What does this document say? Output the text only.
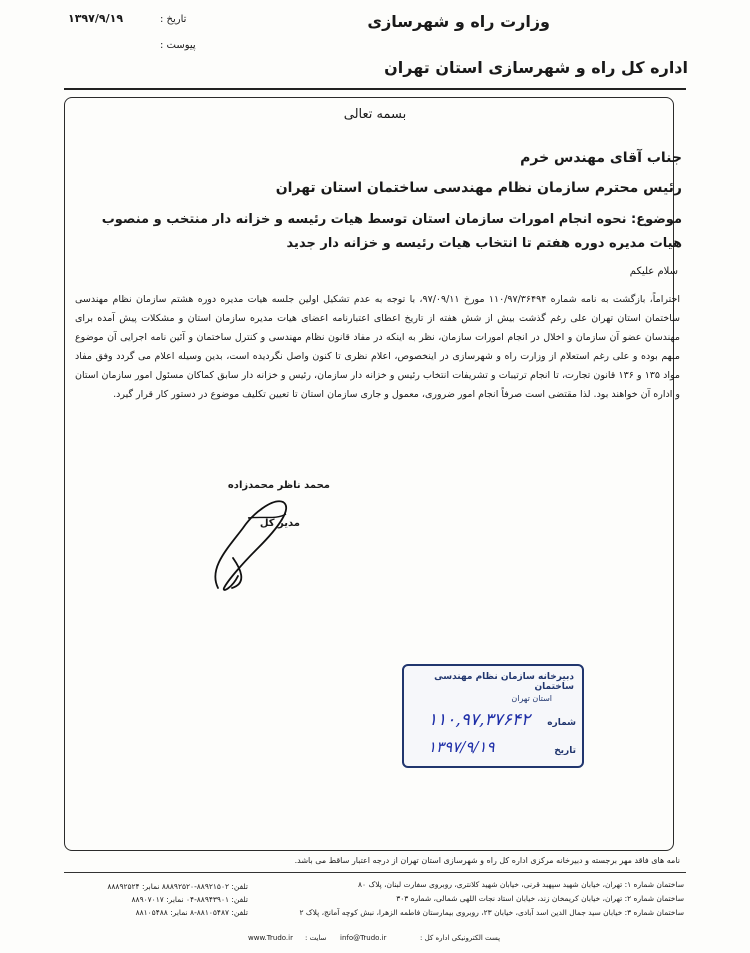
وزارت راه و شهرسازی
تاریخ :
۱۳۹۷/۹/۱۹
پیوست :
اداره کل راه و شهرسازی استان تهران
بسمه تعالی
جناب آقای مهندس خرم
رئیس محترم سازمان نظام مهندسی ساختمان استان تهران
موضوع: نحوه انجام امورات سازمان استان توسط هیات رئیسه و خزانه دار منتخب و منصوب هیات مدیره دوره هفتم تا انتخاب هیات رئیسه و خزانه دار جدید
سلام علیکم
احتراماً، بازگشت به نامه شماره ۱۱۰/۹۷/۳۶۴۹۴ مورخ ۹۷/۰۹/۱۱، با توجه به عدم تشکیل اولین جلسه هیات مدیره دوره هشتم سازمان نظام مهندسی ساختمان استان تهران علی رغم گذشت بیش از شش هفته از تاریخ اعطای اعتبارنامه اعضای هیات مدیره سازمان استان و مشکلات پیش آمده برای مهندسان عضو آن سازمان و اخلال در انجام امورات سازمان، نظر به اینکه در مفاد قانون نظام مهندسی و کنترل ساختمان و آئین نامه اجرایی آن موضوع مبهم بوده و علی رغم استعلام از وزارت راه و شهرسازی در اینخصوص، اعلام نظری تا کنون واصل نگردیده است، بدین وسیله اعلام می گردد وفق مفاد مواد ۱۳۵ و ۱۳۶ قانون تجارت، تا انجام ترتیبات و تشریفات انتخاب رئیس و خزانه دار سازمان، رئیس و خزانه دار سابق کماکان مسئول امور سازمان استان و اداره آن خواهند بود. لذا مقتضی است صرفاً انجام امور ضروری، معمول و جاری سازمان استان تا تعیین تکلیف موضوع در دستور کار قرار گیرد.
محمد ناظر محمدزاده
مدیر کل
دبیرخانه سازمان نظام مهندسی ساختمان
استان تهران
شماره
۱۱۰,۹۷,۳۷۶۴۲
تاریخ
۱۳۹۷/۹/۱۹
نامه های فاقد مهر برجسته و دبیرخانه مرکزی اداره کل راه و شهرسازی استان تهران از درجه اعتبار ساقط می باشد.
ساختمان شماره ۱: تهران، خیابان شهید سپهبد قرنی، خیابان شهید کلانتری، روبروی سفارت لبنان، پلاک ۸۰
ساختمان شماره ۲: تهران، خیابان کریمخان زند، خیابان استاد نجات اللهی شمالی، شماره ۳۰۳
ساختمان شماره ۳: خیابان سید جمال الدین اسد آبادی، خیابان ۲۳، روبروی بیمارستان فاطمه الزهرا، نبش کوچه آمانج، پلاک ۲
تلفن: ۸۸۹۲۱۵۰۲-۸۸۸۹۲۵۲۰ نمابر: ۸۸۸۹۲۵۲۴
تلفن: ۸۸۹۴۳۹۰۱-۰۴ نمابر: ۸۸۹۰۷۰۱۷
تلفن: ۸۸۱۰۵۴۸۷-۸ نمابر: ۸۸۱۰۵۴۸۸
پست الکترونیکی اداره کل :
info@Trudo.ir
سایت :
www.Trudo.ir
